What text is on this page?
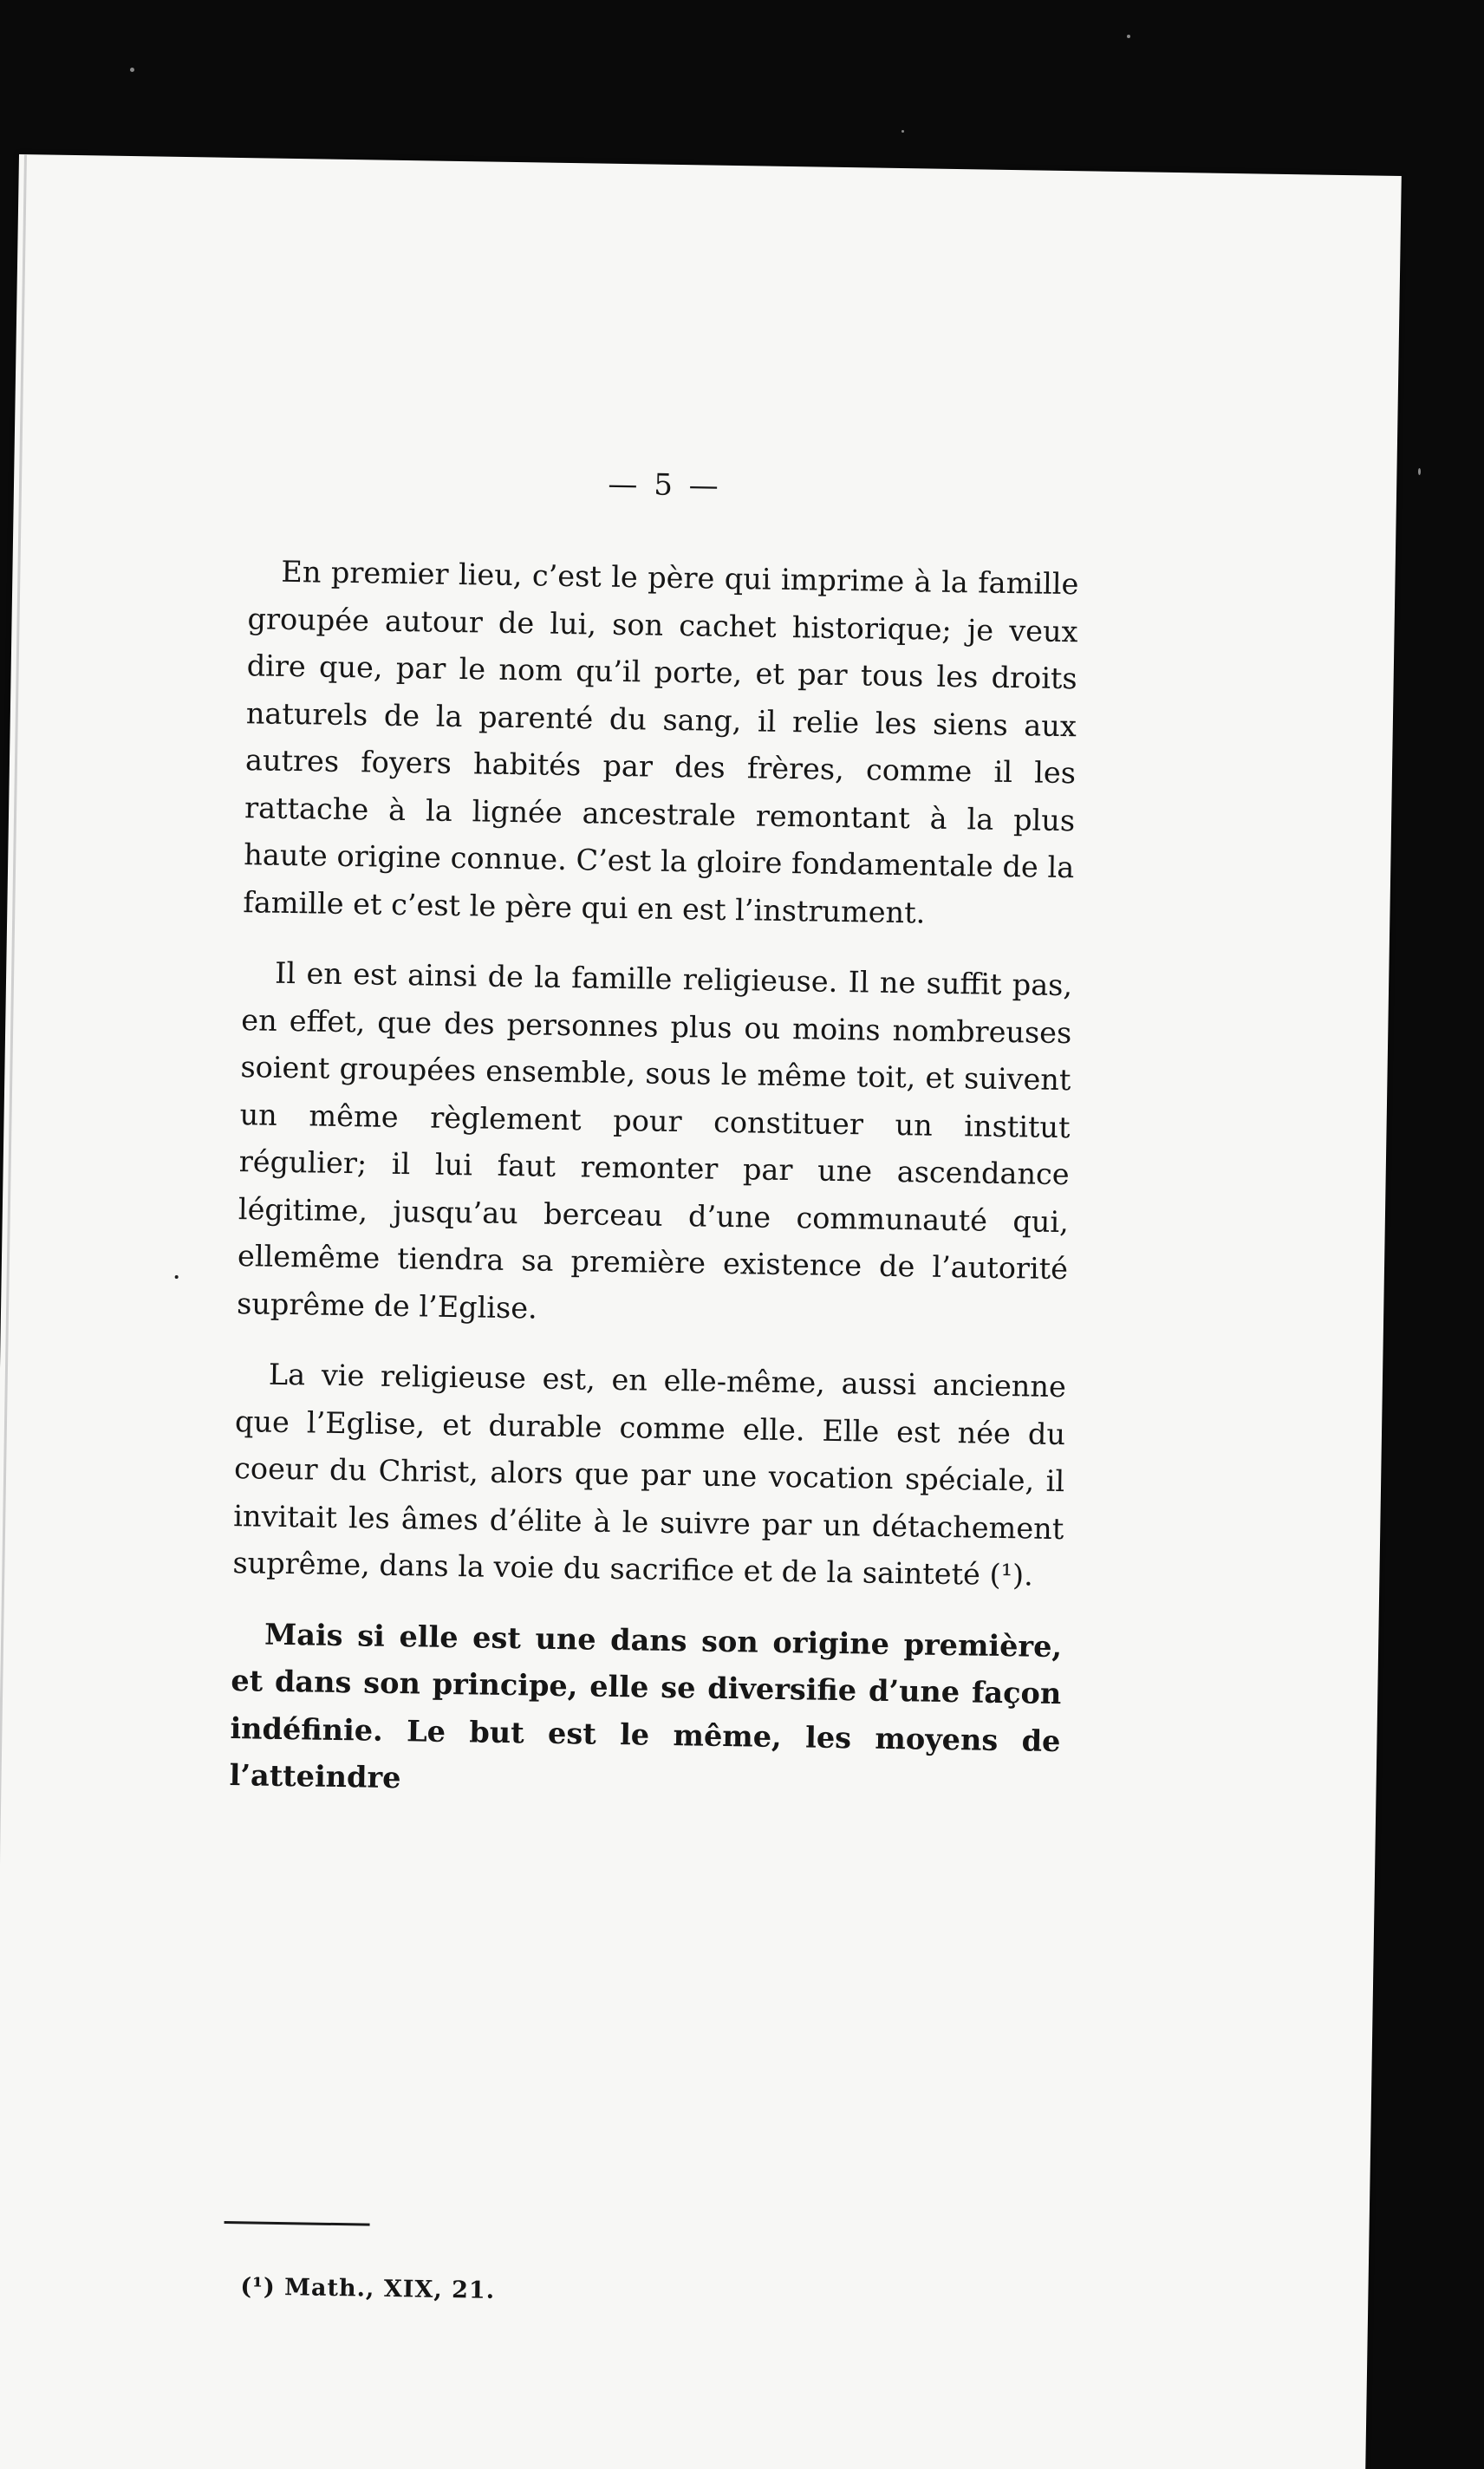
— 5 —

En premier lieu, c’est le père qui imprime à la famille groupée autour de lui, son cachet historique; je veux dire que, par le nom qu’il porte, et par tous les droits naturels de la parenté du sang, il relie les siens aux autres foyers habités par des frères, comme il les rattache à la lignée ancestrale remontant à la plus haute origine connue. C’est la gloire fondamentale de la famille et c’est le père qui en est l’instrument.

Il en est ainsi de la famille religieuse. Il ne suffit pas, en effet, que des personnes plus ou moins nombreuses soient groupées ensemble, sous le même toit, et suivent un même règlement pour constituer un institut régulier; il lui faut remonter par une ascendance légitime, jusqu’au berceau d’une communauté qui, ellemême tiendra sa première existence de l’autorité suprême de l’Eglise.

La vie religieuse est, en elle-même, aussi ancienne que l’Eglise, et durable comme elle. Elle est née du coeur du Christ, alors que par une vocation spéciale, il invitait les âmes d’élite à le suivre par un détachement suprême, dans la voie du sacrifice et de la sainteté (¹).

Mais si elle est une dans son origine première, et dans son principe, elle se diversifie d’une façon indéfinie. Le but est le même, les moyens de l’atteindre

(¹) Math., XIX, 21.
